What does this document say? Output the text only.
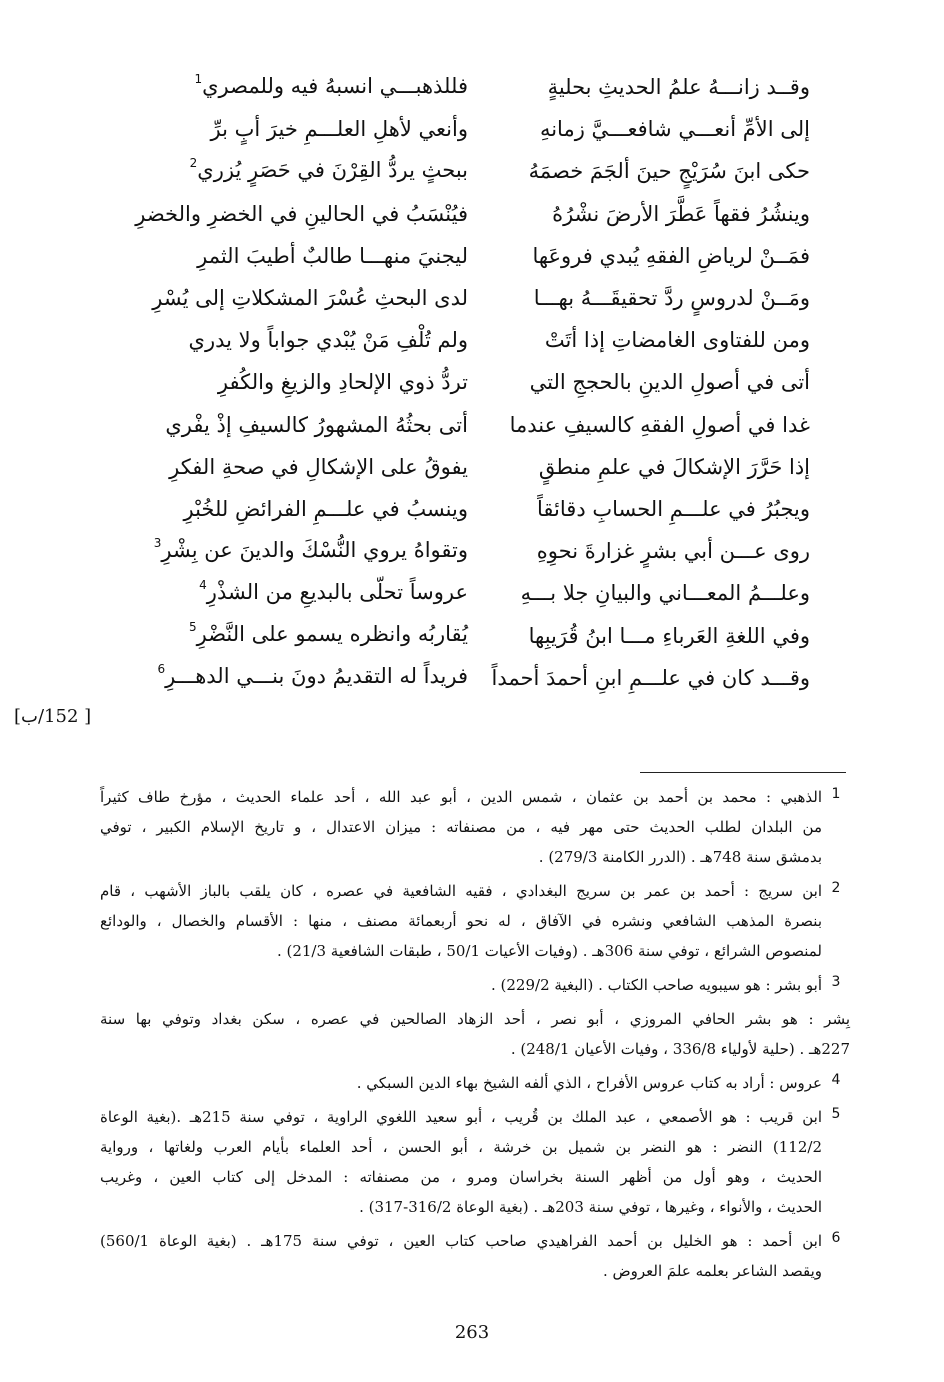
وقــد زانـــهُ علمُ الحديثِ بحليةٍ
فللذهبـــي انسبهُ فيه وللمصري$^1$
إلى الأمِّ أنعـــي شافعـــيَّ زمانهِ
وأنعي لأهلِ العلـــمِ خيرَ أبٍ برِّ
حكى ابنَ سُرَيْجٍ حينَ ألجَمَ خصمَهُ
ببحثٍ يردُّ القِرْنَ في حَصَرٍ يُزري$^2$
وينشُرُ فقهاً عَطَّرَ الأرضَ نشْرُهُ
فيُنْسَبُ في الحالينِ في الخضرِ والخضرِ
فمَــنْ لرياضِ الفقهِ يُبدي فروعَها
ليجنيَ منهـــا طالبٌ أطيبَ الثمرِ
ومَــنْ لدروسٍ ردَّ تحقيقَـــهُ بهـــا
لدى البحثِ عُسْرَ المشكلاتِ إلى يُسْرِ
ومن للفتاوى الغامضاتِ إذا أتَتْ
ولم تُلْفِ مَنْ يُبْدي جواباً ولا يدري
أتى في أصولِ الدينِ بالحججِ التي
تردُّ ذوي الإلحادِ والزيغِ والكُفرِ
غدا في أصولِ الفقهِ كالسيفِ عندما
أتى بحثُهُ المشهورُ كالسيفِ إذْ يفْري
إذا حَرَّرَ الإشكالَ في علمِ منطقٍ
يفوقُ على الإشكالِ في صحةِ الفكرِ
ويجبُرُ في علـــمِ الحسابِ دقائقاً
وينسبُ في علـــمِ الفرائضِ للخُبْرِ
روى عـــن أبي بشرٍ غزارةَ نحوِهِ
وتقواهُ يروي النُّسْكَ والدينَ عن بِشْرِ$^3$
وعلـــمُ المعـــاني والبيانِ جلا بـــهِ
عروساً تحلّى بالبديعِ من الشذْرِ$^4$
وفي اللغةِ العَرباءِ مـــا ابنُ قُرَيبِها
يُقاربُه وانظره يسمو على النَّضْرِ$^5$
وقـــد كان في علـــمِ ابنِ أحمدَ أحمداً
فريداً له التقديمُ دونَ بنـــي الدهـــرِ$^6$
[ 152/ب]
1
الذهبي : محمد بن أحمد بن عثمان ، شمس الدين ، أبو عبد الله ، أحد علماء الحديث ، مؤرخ طاف كثيراً
من البلدان لطلب الحديث حتى مهر فيه ، من مصنفاته : ميزان الاعتدال ، و تاريخ الإسلام الكبير ، توفي
بدمشق سنة 748هـ . (الدرر الكامنة 279/3) .
2
ابن سريج : أحمد بن عمر بن سريج البغدادي ، فقيه الشافعية في عصره ، كان يلقب بالباز الأشهب ، قام
بنصرة المذهب الشافعي ونشره في الآفاق ، له نحو أربعمائة مصنف ، منها : الأقسام والخصال ، والودائع
لمنصوص الشرائع ، توفي سنة 306هـ . (وفيات الأعيات 50/1 ، طبقات الشافعية 21/3) .
3
أبو بشر : هو سيبويه صاحب الكتاب . (البغية 229/2) .
بِشر : هو بشر الحافي المروزي ، أبو نصر ، أحد الزهاد الصالحين في عصره ، سكن بغداد وتوفي بها سنة
227هـ . (حلية لأولياء 336/8 ، وفيات الأعيان 248/1) .
4
عروس : أراد به كتاب عروس الأفراح ، الذي ألفه الشيخ بهاء الدين السبكي .
5
ابن قريب : هو الأصمعي ، عبد الملك بن قُريب ، أبو سعيد اللغوي الراوية ، توفي سنة 215هـ .(بغية الوعاة
112/2) النضر : هو النضر بن شميل بن خرشة ، أبو الحسن ، أحد العلماء بأيام العرب ولغاتها ، ورواية
الحديث ، وهو أول من أظهر السنة بخراسان ومرو ، من مصنفاته : المدخل إلى كتاب العين ، وغريب
الحديث ، والأنواء ، وغيرها ، توفي سنة 203هـ . (بغية الوعاة 316/2-317) .
6
ابن أحمد : هو الخليل بن أحمد الفراهيدي صاحب كتاب العين ، توفي سنة 175هـ . (بغية الوعاة 560/1)
ويقصد الشاعر بعلمه علمَ العروض .
263
